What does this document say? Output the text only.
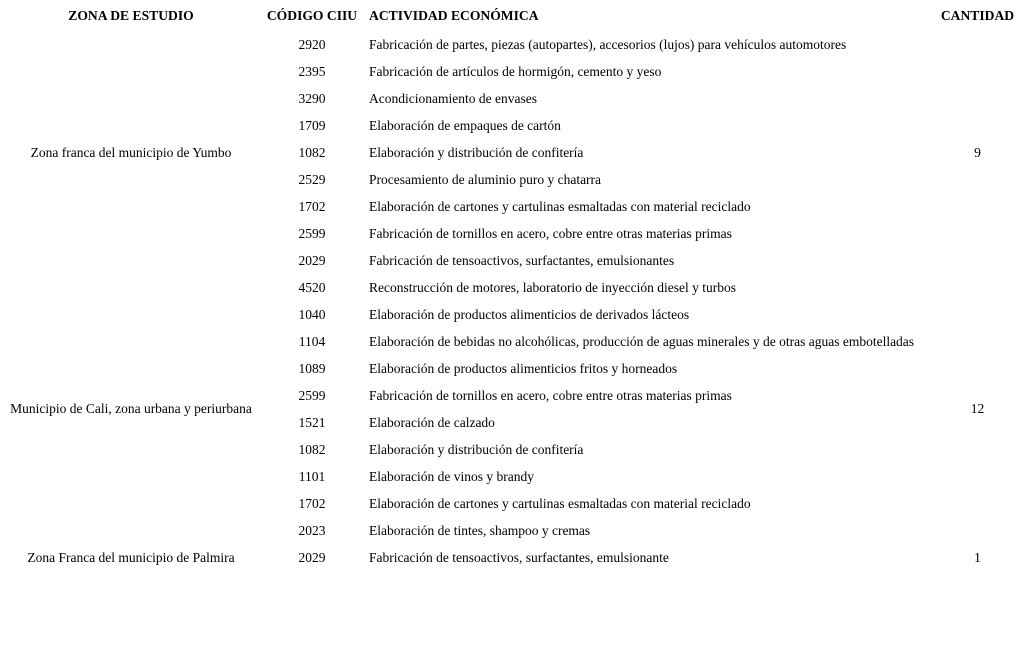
ZONA DE ESTUDIO	CÓDIGO CIIU	ACTIVIDAD ECONÓMICA	CANTIDAD
Zona franca del municipio de Yumbo	2920	Fabricación de partes, piezas (autopartes), accesorios (lujos) para vehículos automotores	9
	2395	Fabricación de artículos de hormigón, cemento y yeso	
	3290	Acondicionamiento de envases	
	1709	Elaboración de empaques de cartón	
	1082	Elaboración y distribución de confitería	
	2529	Procesamiento de aluminio puro y chatarra	
	1702	Elaboración de cartones y cartulinas esmaltadas con material reciclado	
	2599	Fabricación de tornillos en acero, cobre entre otras materias primas	
	2029	Fabricación de tensoactivos, surfactantes, emulsionantes	
Municipio de Cali, zona urbana y periurbana	4520	Reconstrucción de motores, laboratorio de inyección diesel y turbos	12
	1040	Elaboración de productos alimenticios de derivados lácteos	
	1104	Elaboración de bebidas no alcohólicas, producción de aguas minerales y de otras aguas embotelladas	
	1089	Elaboración de productos alimenticios fritos y horneados	
	2599	Fabricación de tornillos en acero, cobre entre otras materias primas	
	1521	Elaboración de calzado	
	1082	Elaboración y distribución de confitería	
	1101	Elaboración de vinos y brandy	
	1702	Elaboración de cartones y cartulinas esmaltadas con material reciclado	
	2023	Elaboración de tintes, shampoo y cremas	
Zona Franca del municipio de Palmira	2029	Fabricación de tensoactivos, surfactantes, emulsionante	1
